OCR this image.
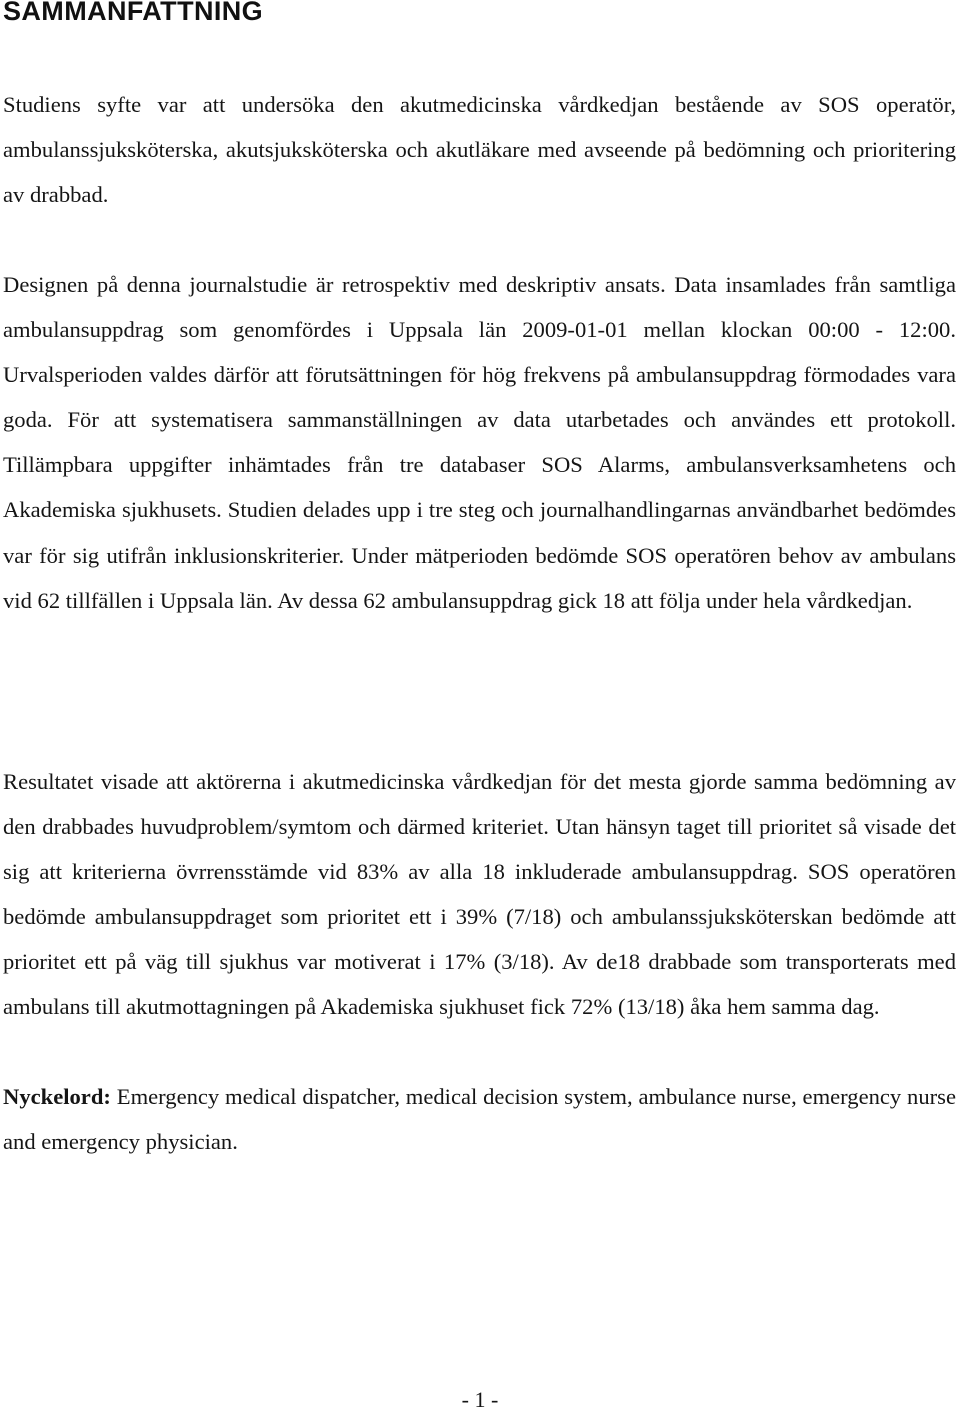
SAMMANFATTNING

Studiens syfte var att undersöka den akutmedicinska vårdkedjan bestående av SOS operatör, ambulanssjuksköterska, akutsjuksköterska och akutläkare med avseende på bedömning och prioritering av drabbad.

Designen på denna journalstudie är retrospektiv med deskriptiv ansats. Data insamlades från samtliga ambulansuppdrag som genomfördes i Uppsala län 2009-01-01 mellan klockan 00:00 - 12:00. Urvalsperioden valdes därför att förutsättningen för hög frekvens på ambulansuppdrag förmodades vara goda. För att systematisera sammanställningen av data utarbetades och användes ett protokoll. Tillämpbara uppgifter inhämtades från tre databaser SOS Alarms, ambulansverksamhetens och Akademiska sjukhusets. Studien delades upp i tre steg och journalhandlingarnas användbarhet bedömdes var för sig utifrån inklusionskriterier. Under mätperioden bedömde SOS operatören behov av ambulans vid 62 tillfällen i Uppsala län. Av dessa 62 ambulansuppdrag gick 18 att följa under hela vårdkedjan.

Resultatet visade att aktörerna i akutmedicinska vårdkedjan för det mesta gjorde samma bedömning av den drabbades huvudproblem/symtom och därmed kriteriet. Utan hänsyn taget till prioritet så visade det sig att kriterierna övrrensstämde vid 83% av alla 18 inkluderade ambulansuppdrag. SOS operatören bedömde ambulansuppdraget som prioritet ett i 39% (7/18) och ambulanssjuksköterskan bedömde att prioritet ett på väg till sjukhus var motiverat i 17% (3/18). Av de18 drabbade som transporterats med ambulans till akutmottagningen på Akademiska sjukhuset fick 72% (13/18) åka hem samma dag.

Nyckelord: Emergency medical dispatcher, medical decision system, ambulance nurse, emergency nurse and emergency physician.

- 1 -
